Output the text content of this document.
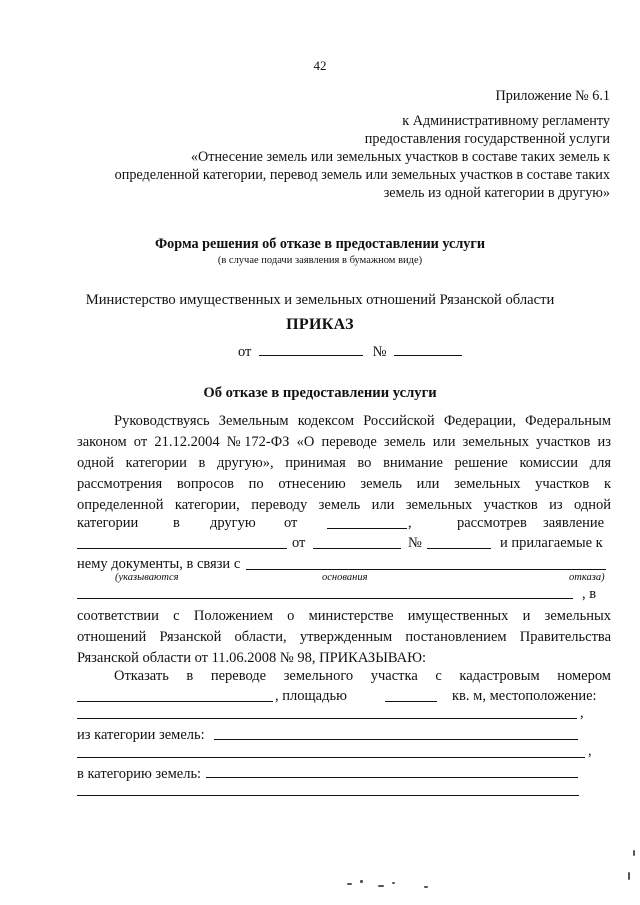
42
Приложение № 6.1
к Административному регламенту
предоставления государственной услуги
«Отнесение земель или земельных участков в составе таких земель к
определенной категории, перевод земель или земельных участков в составе таких
земель из одной категории в другую»
Форма решения об отказе в предоставлении услуги
(в случае подачи заявления в бумажном виде)
Министерство имущественных и земельных отношений Рязанской области
ПРИКАЗ
от	№
Об отказе в предоставлении услуги
Руководствуясь Земельным кодексом Российской Федерации, Федеральным
законом от 21.12.2004 №172-ФЗ «О переводе земель или земельных участков из
одной категории в другую», принимая во внимание решение комиссии для
рассмотрения вопросов по отнесению земель или земельных участков к
определенной категории, переводу земель или земельных участков из одной
категории в другую от	,	рассмотрев заявление
от	№	и прилагаемые к
нему документы, в связи с
(указываются	основания	отказа)
, в
соответствии с Положением о министерстве имущественных и земельных
отношений Рязанской области, утвержденным постановлением Правительства
Рязанской области от 11.06.2008 № 98, ПРИКАЗЫВАЮ:
Отказать в переводе земельного участка с кадастровым номером
, площадью	кв. м, местоположение:
,
из категории земель:
,
в категорию земель:
